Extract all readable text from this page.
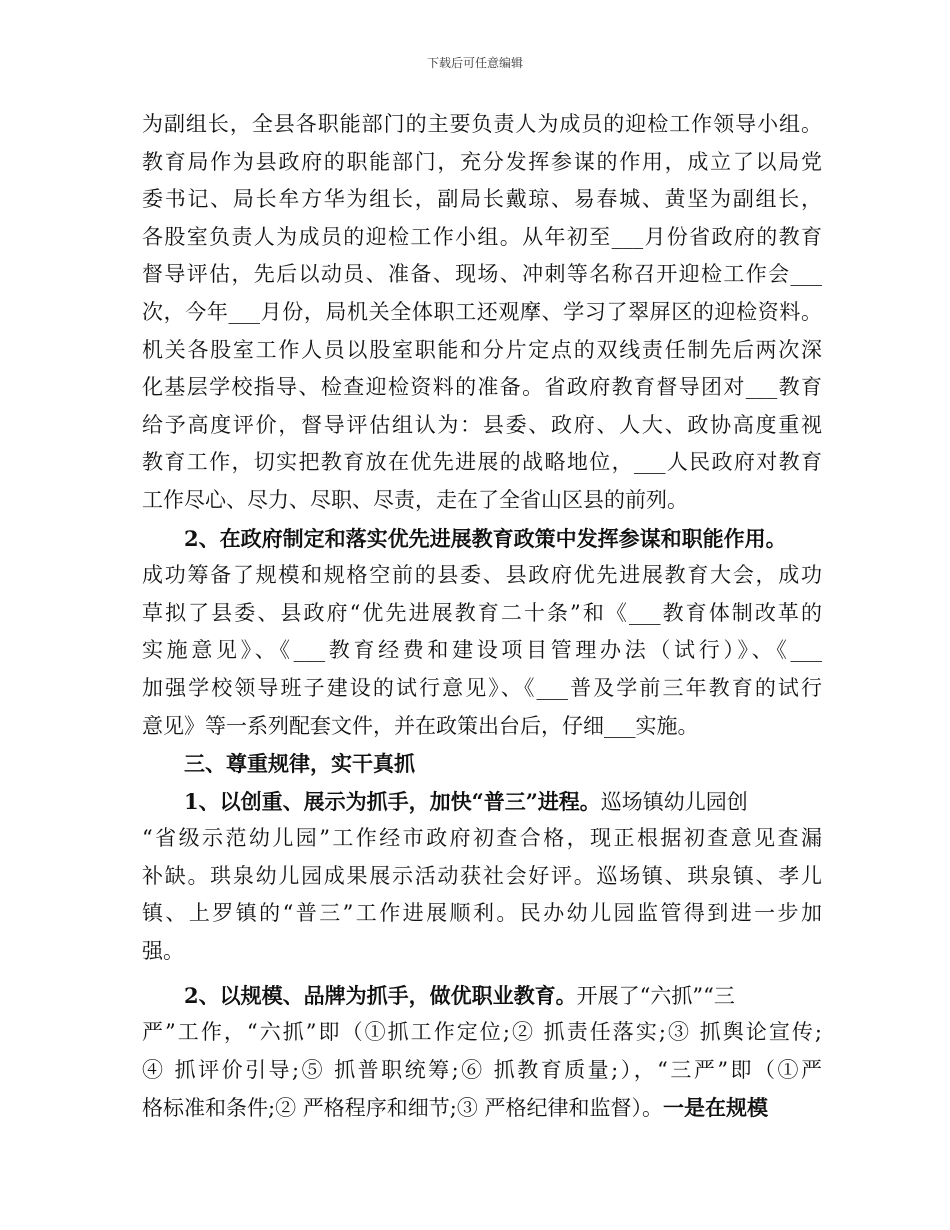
下载后可任意编辑
为副组长，全县各职能部门的主要负责人为成员的迎检工作领导小组。
教育局作为县政府的职能部门，充分发挥参谋的作用，成立了以局党
委书记、局长牟方华为组长，副局长戴琼、易春城、黄坚为副组长，
各股室负责人为成员的迎检工作小组。从年初至___月份省政府的教育
督导评估，先后以动员、准备、现场、冲刺等名称召开迎检工作会___
次，今年___月份，局机关全体职工还观摩、学习了翠屏区的迎检资料。
机关各股室工作人员以股室职能和分片定点的双线责任制先后两次深
化基层学校指导、检查迎检资料的准备。省政府教育督导团对___教育
给予高度评价，督导评估组认为：县委、政府、人大、政协高度重视
教育工作，切实把教育放在优先进展的战略地位，___人民政府对教育
工作尽心、尽力、尽职、尽责，走在了全省山区县的前列。
2、在政府制定和落实优先进展教育政策中发挥参谋和职能作用。
成功筹备了规模和规格空前的县委、县政府优先进展教育大会，成功
草拟了县委、县政府“优先进展教育二十条”和《___教育体制改革的
实施意见》、《___教育经费和建设项目管理办法（试行）》、《___
加强学校领导班子建设的试行意见》、《___普及学前三年教育的试行
意见》等一系列配套文件，并在政策出台后，仔细___实施。
三、尊重规律，实干真抓
1、以创重、展示为抓手，加快“普三”进程。巡场镇幼儿园创
“省级示范幼儿园”工作经市政府初查合格，现正根据初查意见查漏
补缺。珙泉幼儿园成果展示活动获社会好评。巡场镇、珙泉镇、孝儿
镇、上罗镇的“普三”工作进展顺利。民办幼儿园监管得到进一步加
强。
2、以规模、品牌为抓手，做优职业教育。开展了“六抓”“三
严”工作，“六抓”即（①抓工作定位;② 抓责任落实;③ 抓舆论宣传;
④ 抓评价引导;⑤ 抓普职统筹;⑥ 抓教育质量;），“三严”即（①严
格标准和条件;② 严格程序和细节;③ 严格纪律和监督）。一是在规模
